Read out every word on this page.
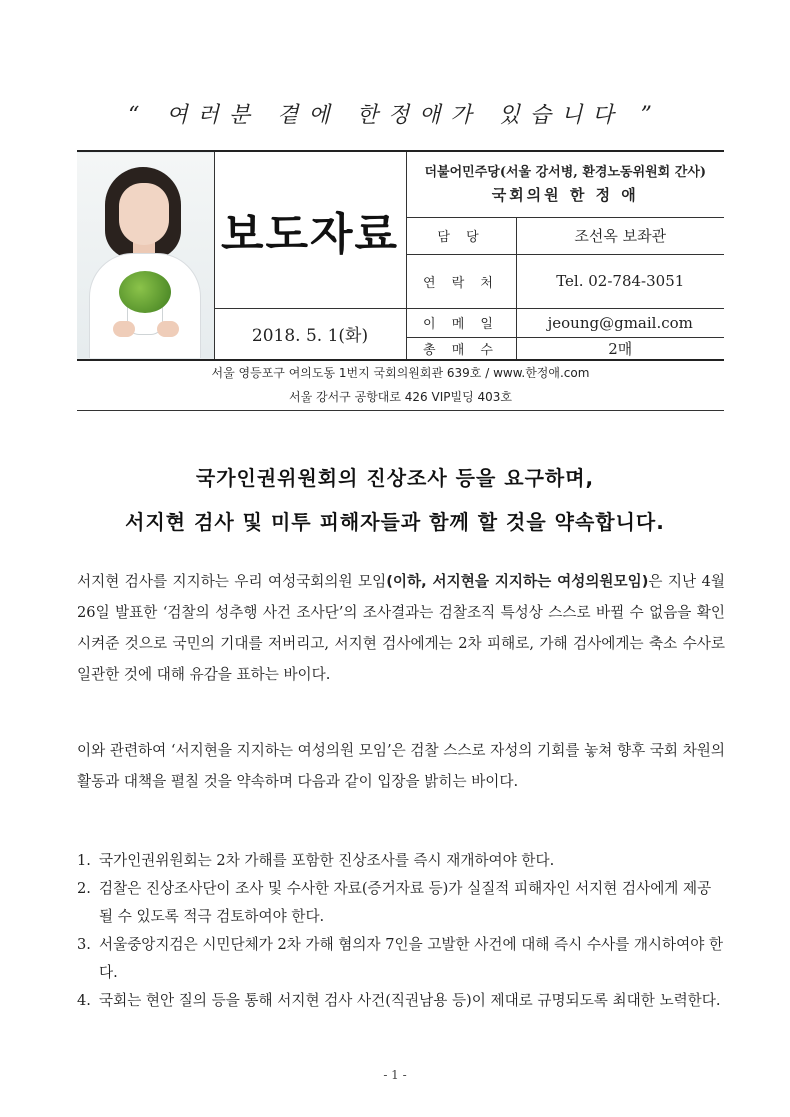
“ 여러분 곁에 한정애가 있습니다 ”

	보도자료	더불어민주당(서울 강서병, 환경노동위원회 간사)
국회의원 한 정 애	

		담 당	조선옥 보좌관
		연 락 처	Tel. 02-784-3051

	2018. 5. 1(화)	이 메 일	jeoung@gmail.com
		총 매 수	2매
서울 영등포구 여의도동 1번지 국회의원회관 639호 / www.한정애.com
서울 강서구 공항대로 426 VIP빌딩 403호
국가인권위원회의 진상조사 등을 요구하며,
서지현 검사 및 미투 피해자들과 함께 할 것을 약속합니다.

서지현 검사를 지지하는 우리 여성국회의원 모임(이하, 서지현을 지지하는 여성의원모임)은 지난 4월 26일 발표한 ‘검찰의 성추행 사건 조사단’의 조사결과는 검찰조직 특성상 스스로 바뀔 수 없음을 확인시켜준 것으로 국민의 기대를 저버리고, 서지현 검사에게는 2차 피해로, 가해 검사에게는 축소 수사로 일관한 것에 대해 유감을 표하는 바이다.

이와 관련하여 ‘서지현을 지지하는 여성의원 모임’은 검찰 스스로 자성의 기회를 놓쳐 향후 국회 차원의 활동과 대책을 펼칠 것을 약속하며 다음과 같이 입장을 밝히는 바이다.

1. 국가인권위원회는 2차 가해를 포함한 진상조사를 즉시 재개하여야 한다.
2. 검찰은 진상조사단이 조사 및 수사한 자료(증거자료 등)가 실질적 피해자인 서지현 검사에게 제공될 수 있도록 적극 검토하여야 한다.
3. 서울중앙지검은 시민단체가 2차 가해 혐의자 7인을 고발한 사건에 대해 즉시 수사를 개시하여야 한다.
4. 국회는 현안 질의 등을 통해 서지현 검사 사건(직권남용 등)이 제대로 규명되도록 최대한 노력한다.
- 1 -
